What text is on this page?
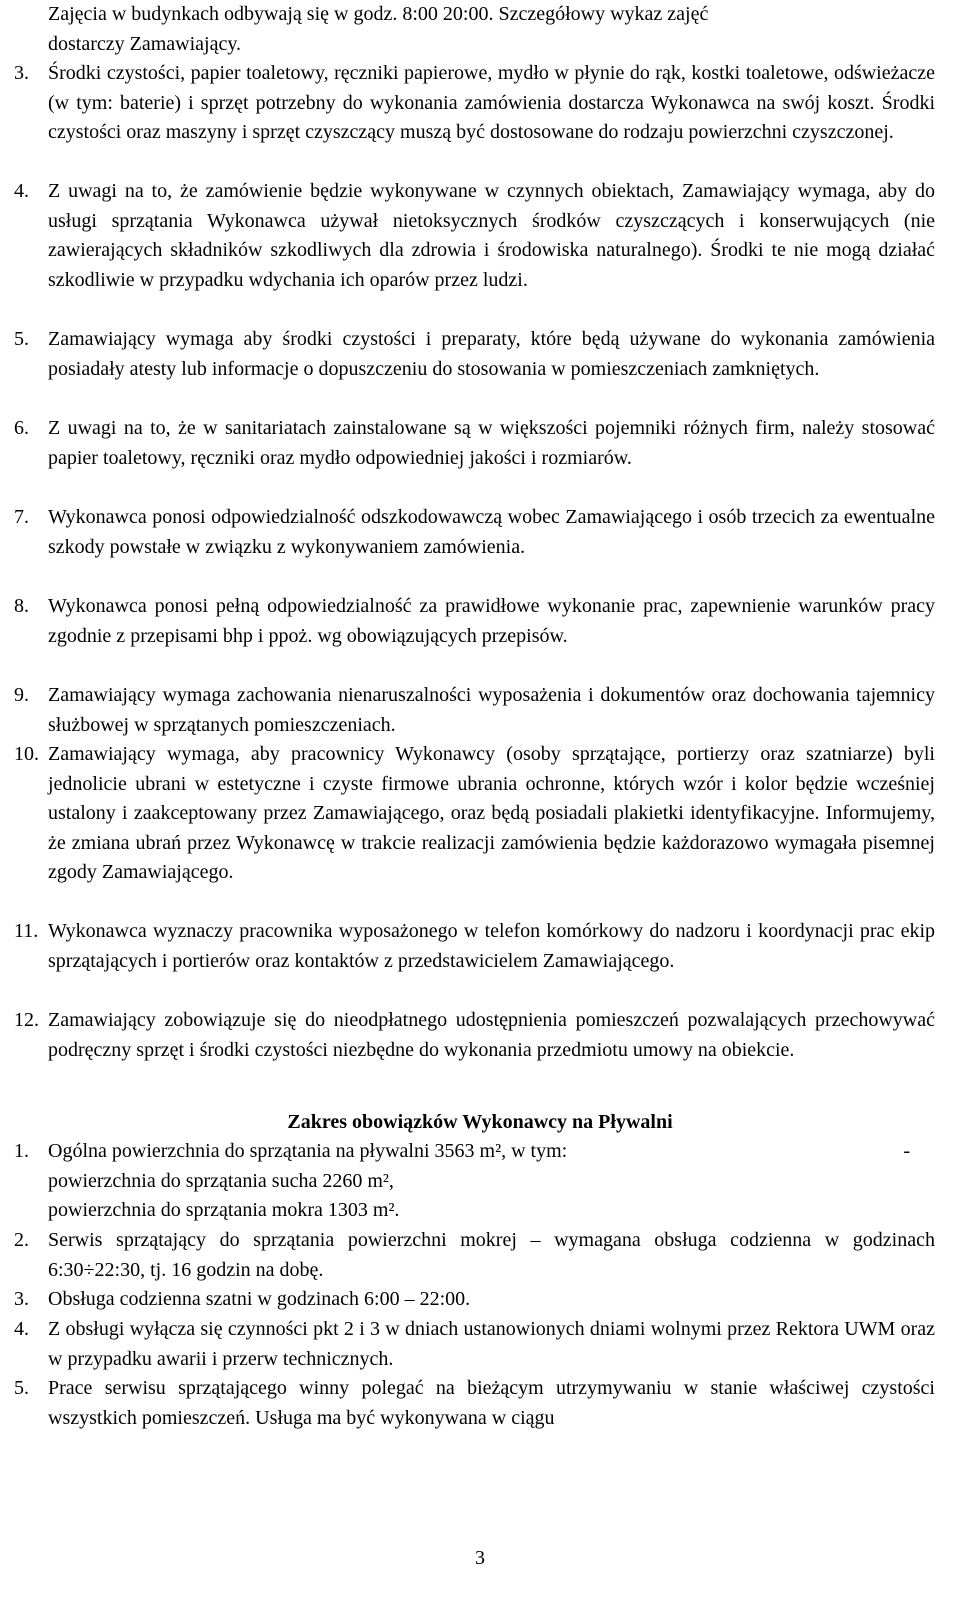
Zajęcia w budynkach odbywają się w godz. 8:00 20:00. Szczegółowy wykaz zajęć
dostarczy Zamawiający.
3. Środki czystości, papier toaletowy, ręczniki papierowe, mydło w płynie do rąk, kostki toaletowe, odświeżacze (w tym: baterie) i sprzęt potrzebny do wykonania zamówienia dostarcza Wykonawca na swój koszt. Środki czystości oraz maszyny i sprzęt czyszczący muszą być dostosowane do rodzaju powierzchni czyszczonej.
4. Z uwagi na to, że zamówienie będzie wykonywane w czynnych obiektach, Zamawiający wymaga, aby do usługi sprzątania Wykonawca używał nietoksycznych środków czyszczących i konserwujących (nie zawierających składników szkodliwych dla zdrowia i środowiska naturalnego). Środki te nie mogą działać szkodliwie w przypadku wdychania ich oparów przez ludzi.
5. Zamawiający wymaga aby środki czystości i preparaty, które będą używane do wykonania zamówienia posiadały atesty lub informacje o dopuszczeniu do stosowania w pomieszczeniach zamkniętych.
6. Z uwagi na to, że w sanitariatach zainstalowane są w większości pojemniki różnych firm, należy stosować papier toaletowy, ręczniki oraz mydło odpowiedniej jakości i rozmiarów.
7. Wykonawca ponosi odpowiedzialność odszkodowawczą wobec Zamawiającego i osób trzecich za ewentualne szkody powstałe w związku z wykonywaniem zamówienia.
8. Wykonawca ponosi pełną odpowiedzialność za prawidłowe wykonanie prac, zapewnienie warunków pracy zgodnie z przepisami bhp i ppoż. wg obowiązujących przepisów.
9. Zamawiający wymaga zachowania nienaruszalności wyposażenia i dokumentów oraz dochowania tajemnicy służbowej w sprzątanych pomieszczeniach.
10. Zamawiający wymaga, aby pracownicy Wykonawcy (osoby sprzątające, portierzy oraz szatniarze) byli jednolicie ubrani w estetyczne i czyste firmowe ubrania ochronne, których wzór i kolor będzie wcześniej ustalony i zaakceptowany przez Zamawiającego, oraz będą posiadali plakietki identyfikacyjne. Informujemy, że zmiana ubrań przez Wykonawcę w trakcie realizacji zamówienia będzie każdorazowo wymagała pisemnej zgody Zamawiającego.
11. Wykonawca wyznaczy pracownika wyposażonego w telefon komórkowy do nadzoru i koordynacji prac ekip sprzątających i portierów oraz kontaktów z przedstawicielem Zamawiającego.
12. Zamawiający zobowiązuje się do nieodpłatnego udostępnienia pomieszczeń pozwalających przechowywać podręczny sprzęt i środki czystości niezbędne do wykonania przedmiotu umowy na obiekcie.
Zakres obowiązków Wykonawcy na Pływalni
1. Ogólna powierzchnia do sprzątania na pływalni 3563 m², w tym:	-
powierzchnia do sprzątania sucha 2260 m²,
powierzchnia do sprzątania mokra 1303 m².
2. Serwis sprzątający do sprzątania powierzchni mokrej – wymagana obsługa codzienna w godzinach 6:30÷22:30, tj. 16 godzin na dobę.
3. Obsługa codzienna szatni w godzinach 6:00 – 22:00.
4. Z obsługi wyłącza się czynności pkt 2 i 3 w dniach ustanowionych dniami wolnymi przez Rektora UWM oraz w przypadku awarii i przerw technicznych.
5. Prace serwisu sprzątającego winny polegać na bieżącym utrzymywaniu w stanie właściwej czystości wszystkich pomieszczeń. Usługa ma być wykonywana w ciągu
3
